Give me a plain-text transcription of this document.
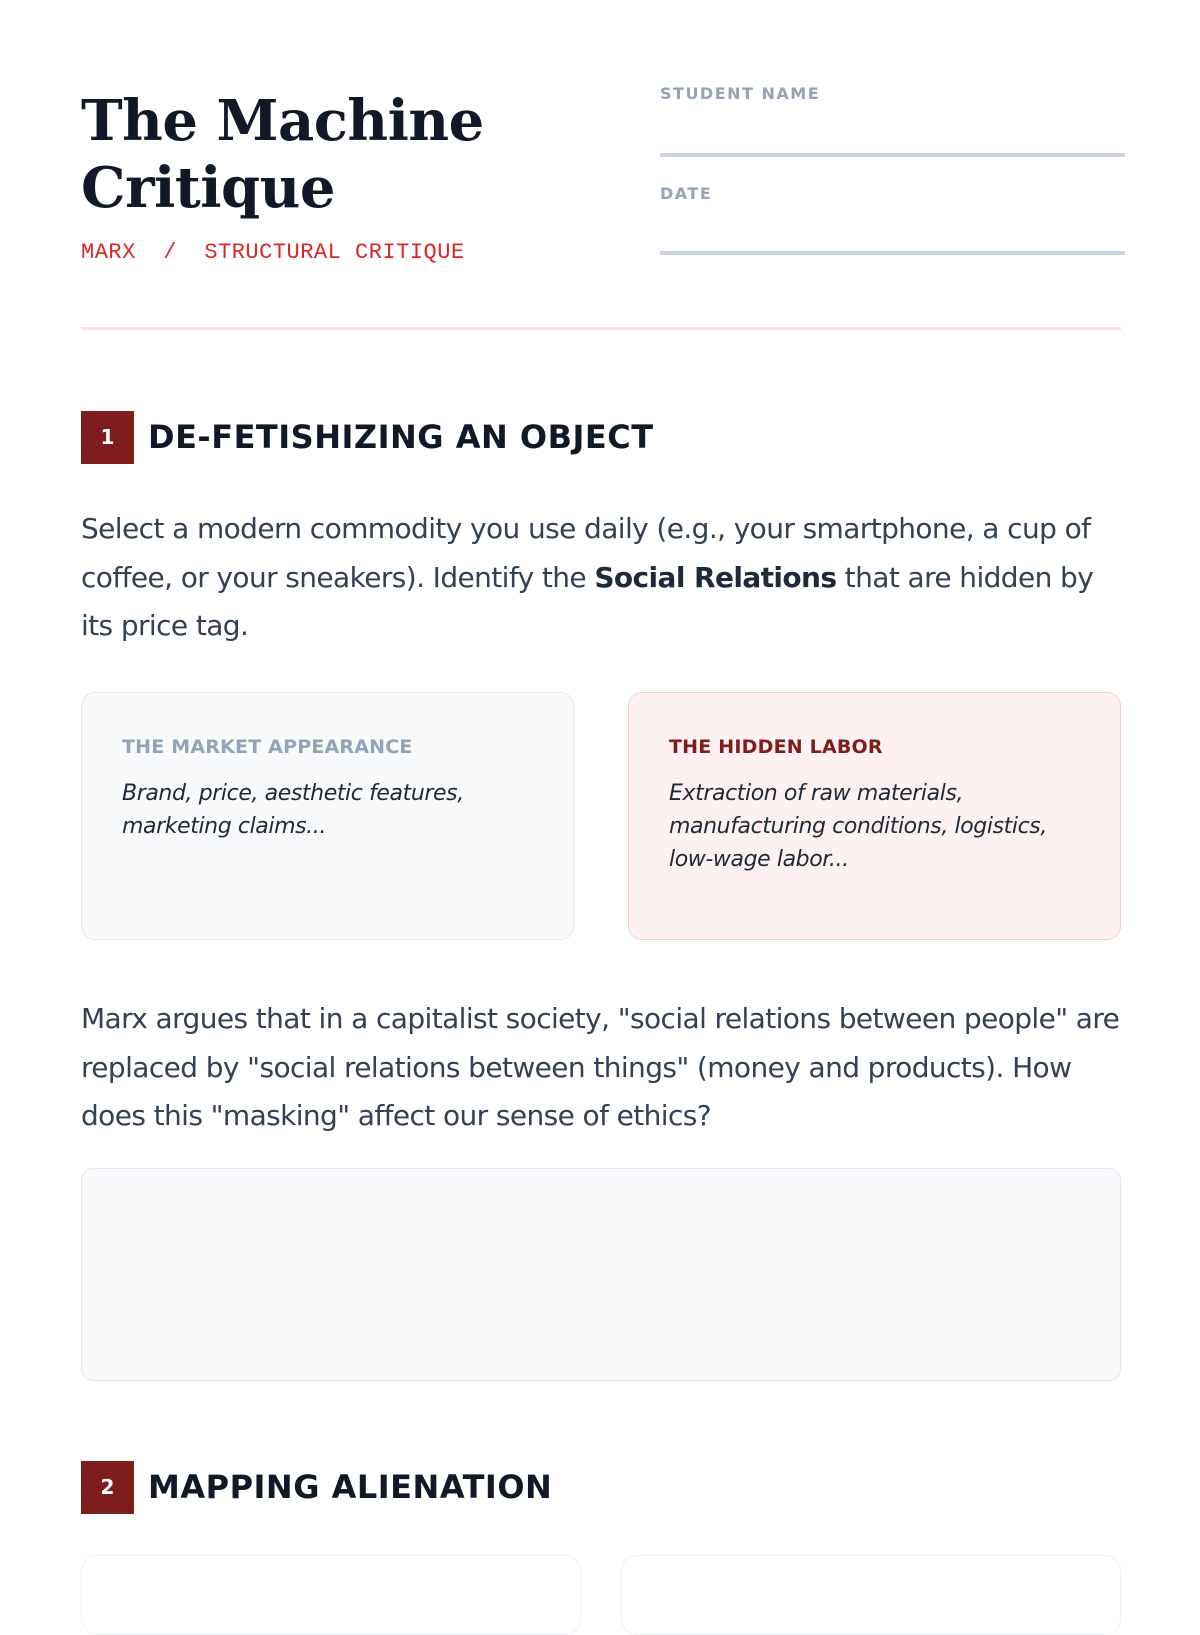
The Machine
Critique
MARX  /  STRUCTURAL CRITIQUE
STUDENT NAME
DATE
1	DE-FETISHIZING AN OBJECT

Select a modern commodity you use daily (e.g., your smartphone, a cup of coffee, or your sneakers). Identify the Social Relations that are hidden by its price tag.

THE MARKET APPEARANCE
Brand, price, aesthetic features, marketing claims...
THE HIDDEN LABOR
Extraction of raw materials, manufacturing conditions, logistics, low-wage labor...

Marx argues that in a capitalist society, "social relations between people" are replaced by "social relations between things" (money and products). How does this "masking" affect our sense of ethics?

2	MAPPING ALIENATION
